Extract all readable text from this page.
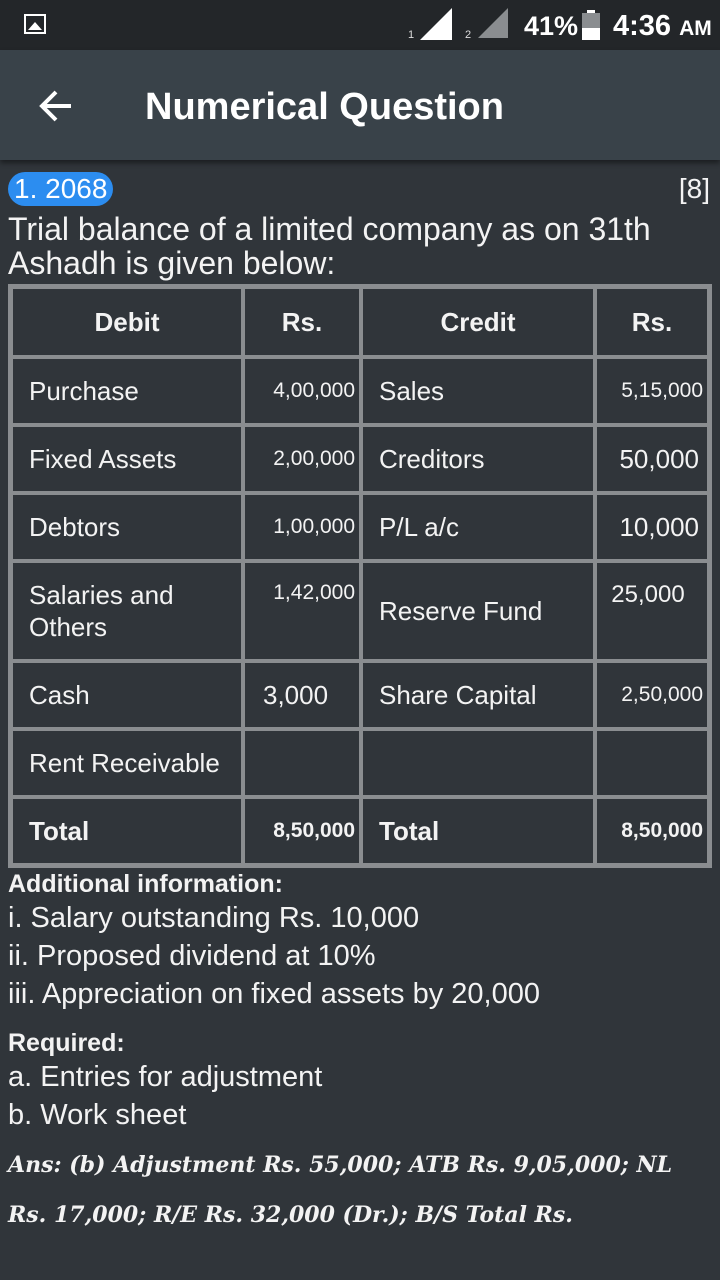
1	2 41% 4:36 AM
Numerical Question
1. 2068	[8]
Trial balance of a limited company as on 31th Ashadh is given below:
Debit	Rs.	Credit	Rs.
Purchase	4,00,000	Sales	5,15,000
Fixed Assets	2,00,000	Creditors	50,000
Debtors	1,00,000	P/L a/c	10,000
Salaries and Others	1,42,000	Reserve Fund	25,000
Cash	3,000	Share Capital	2,50,000
Rent Receivable			
Total	8,50,000	Total	8,50,000
Additional information:
i. Salary outstanding Rs. 10,000
ii. Proposed dividend at 10%
iii. Appreciation on fixed assets by 20,000
Required:
a. Entries for adjustment
b. Work sheet
Ans: (b) Adjustment Rs. 55,000; ATB Rs. 9,05,000; NL
Rs. 17,000; R/E Rs. 32,000 (Dr.); B/S Total Rs.
